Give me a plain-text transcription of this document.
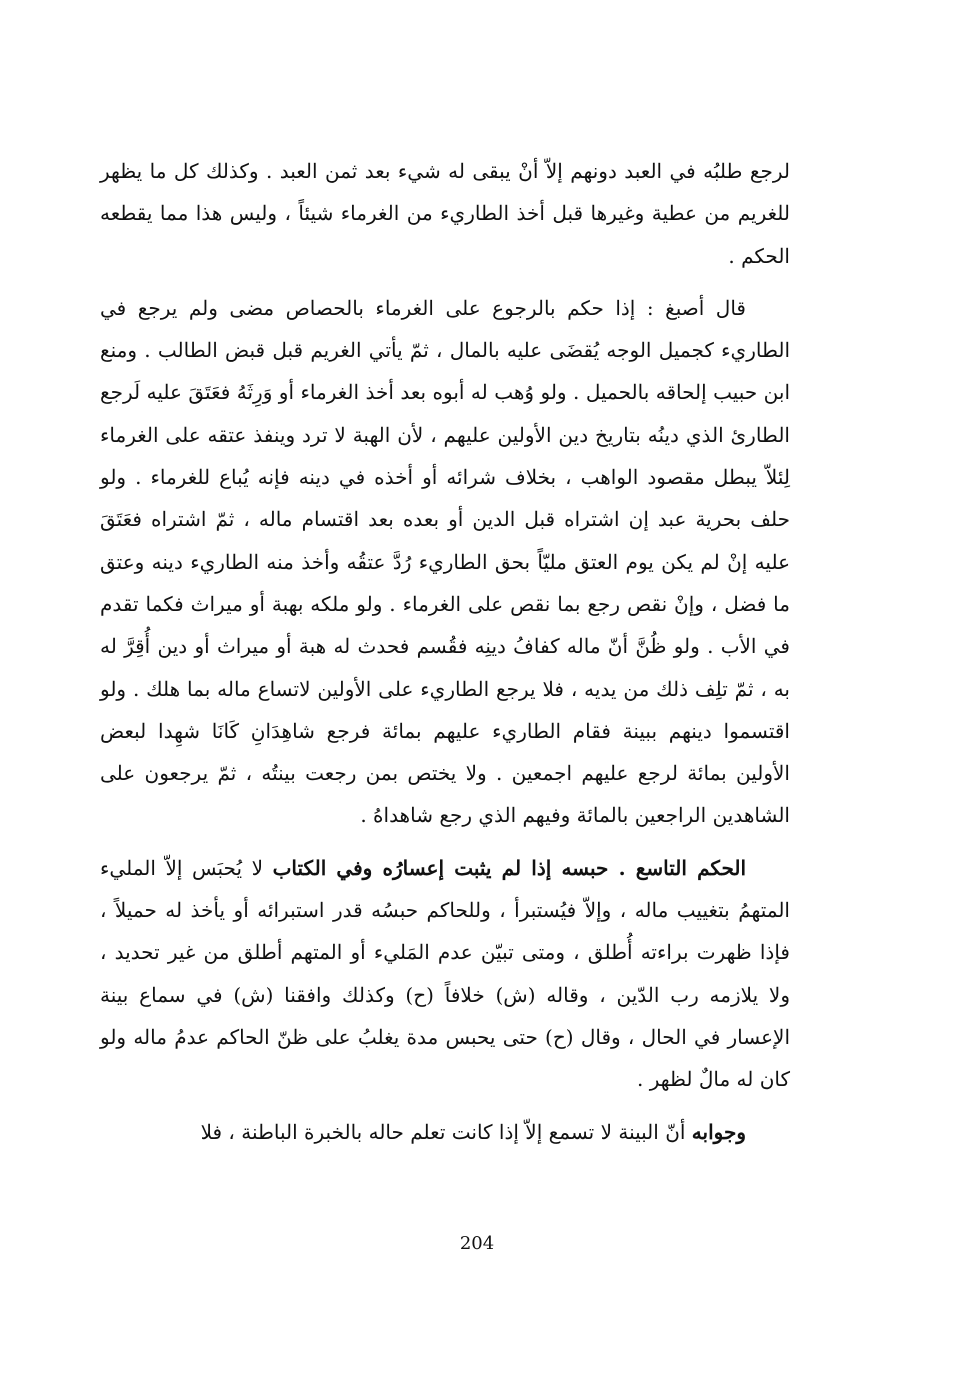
لرجع طلبُه في العبد دونهم إلاّ أنْ يبقى له شيء بعد ثمن العبد . وكذلك كل ما يظهر للغريم من عطية وغيرها قبل أخذ الطاريء من الغرماء شيئاً ، وليس هذا مما يقطعه الحكم .

قال أصبغ : إذا حكم بالرجوع على الغرماء بالحصاص مضى ولم يرجع في الطاريء كجميل الوجه يُقضَى عليه بالمال ، ثمّ يأتي الغريم قبل قبض الطالب . ومنع ابن حبيب إلحاقه بالحميل . ولو وُهب له أبوه بعد أخذ الغرماء أو وَرِثَهُ فعَتَقَ عليه لَرجع الطارئ الذي دينُه بتاريخ دين الأولين عليهم ، لأن الهبة لا ترد وينفذ عتقه على الغرماء لِئلاّ يبطل مقصود الواهب ، بخلاف شرائه أو أخذه في دينه فإنه يُباع للغرماء . ولو حلف بحرية عبد إن اشتراه قبل الدين أو بعده بعد اقتسام ماله ، ثمّ اشتراه فعَتَقَ عليه إنْ لم يكن يوم العتق مليّاً بحق الطاريء رُدَّ عتقُه وأخذ منه الطاريء دينه وعتق ما فضل ، وإنْ نقص رجع بما نقص على الغرماء . ولو ملكه بهبة أو ميراث فكما تقدم في الأب . ولو ظُنَّ أنّ ماله كفافُ دينِه فقُسم فحدث له هبة أو ميراث أو دين أُقِرَّ له به ، ثمّ تلِف ذلك من يديه ، فلا يرجع الطاريء على الأولين لاتساع ماله بما هلك . ولو اقتسموا دينهم ببينة فقام الطاريء عليهم بمائة فرجع شاهِدَانِ كَانَا شهِدا لبعض الأولين بمائة لرجع عليهم اجمعين . ولا يختص بمن رجعت بينتُه ، ثمّ يرجعون على الشاهدين الراجعين بالمائة وفيهم الذي رجع شاهداهُ .

الحكم التاسع . حبسه إذا لم يثبت إعسارُه وفي الكتاب لا يُحبَس إلاّ المليء المتهمُ بتغييب ماله ، وإلاّ فيُستبرأ ، وللحاكم حبسُه قدر استبرائه أو يأخذ له حميلاً ، فإذا ظهرت براءته أُطلق ، ومتى تبيّن عدم المَليء أو المتهم أطلق من غير تحديد ، ولا يلازمه رب الدّين ، وقاله (ش) خلافاً (ح) وكذلك وافقنا (ش) في سماع بينة الإعسار في الحال ، وقال (ح) حتى يحبس مدة يغلبُ على ظنّ الحاكم عدمُ ماله ولو كان له مالٌ لظهر .

وجوابه أنّ البينة لا تسمع إلاّ إذا كانت تعلم حاله بالخبرة الباطنة ، فلا

204
